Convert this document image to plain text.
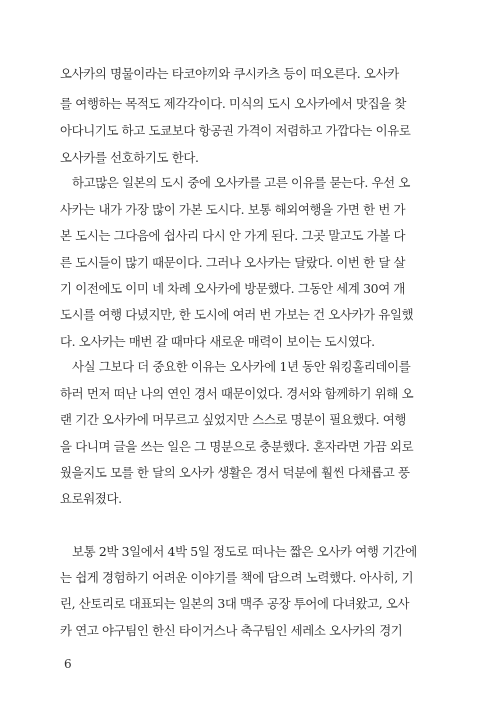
오사카의 명물이라는 타코야끼와 쿠시카츠 등이 떠오른다. 오사카
를 여행하는 목적도 제각각이다. 미식의 도시 오사카에서 맛집을 찾
아다니기도 하고 도쿄보다 항공권 가격이 저렴하고 가깝다는 이유로
오사카를 선호하기도 한다.
하고많은 일본의 도시 중에 오사카를 고른 이유를 묻는다. 우선 오
사카는 내가 가장 많이 가본 도시다. 보통 해외여행을 가면 한 번 가
본 도시는 그다음에 쉽사리 다시 안 가게 된다. 그곳 말고도 가볼 다
른 도시들이 많기 때문이다. 그러나 오사카는 달랐다. 이번 한 달 살
기 이전에도 이미 네 차례 오사카에 방문했다. 그동안 세계 30여 개
도시를 여행 다녔지만, 한 도시에 여러 번 가보는 건 오사카가 유일했
다. 오사카는 매번 갈 때마다 새로운 매력이 보이는 도시였다.
사실 그보다 더 중요한 이유는 오사카에 1년 동안 워킹홀리데이를
하러 먼저 떠난 나의 연인 경서 때문이었다. 경서와 함께하기 위해 오
랜 기간 오사카에 머무르고 싶었지만 스스로 명분이 필요했다. 여행
을 다니며 글을 쓰는 일은 그 명분으로 충분했다. 혼자라면 가끔 외로
웠을지도 모를 한 달의 오사카 생활은 경서 덕분에 훨씬 다채롭고 풍
요로워졌다.
보통 2박 3일에서 4박 5일 정도로 떠나는 짧은 오사카 여행 기간에
는 쉽게 경험하기 어려운 이야기를 책에 담으려 노력했다. 아사히, 기
린, 산토리로 대표되는 일본의 3대 맥주 공장 투어에 다녀왔고, 오사
카 연고 야구팀인 한신 타이거스나 축구팀인 세레소 오사카의 경기
6
